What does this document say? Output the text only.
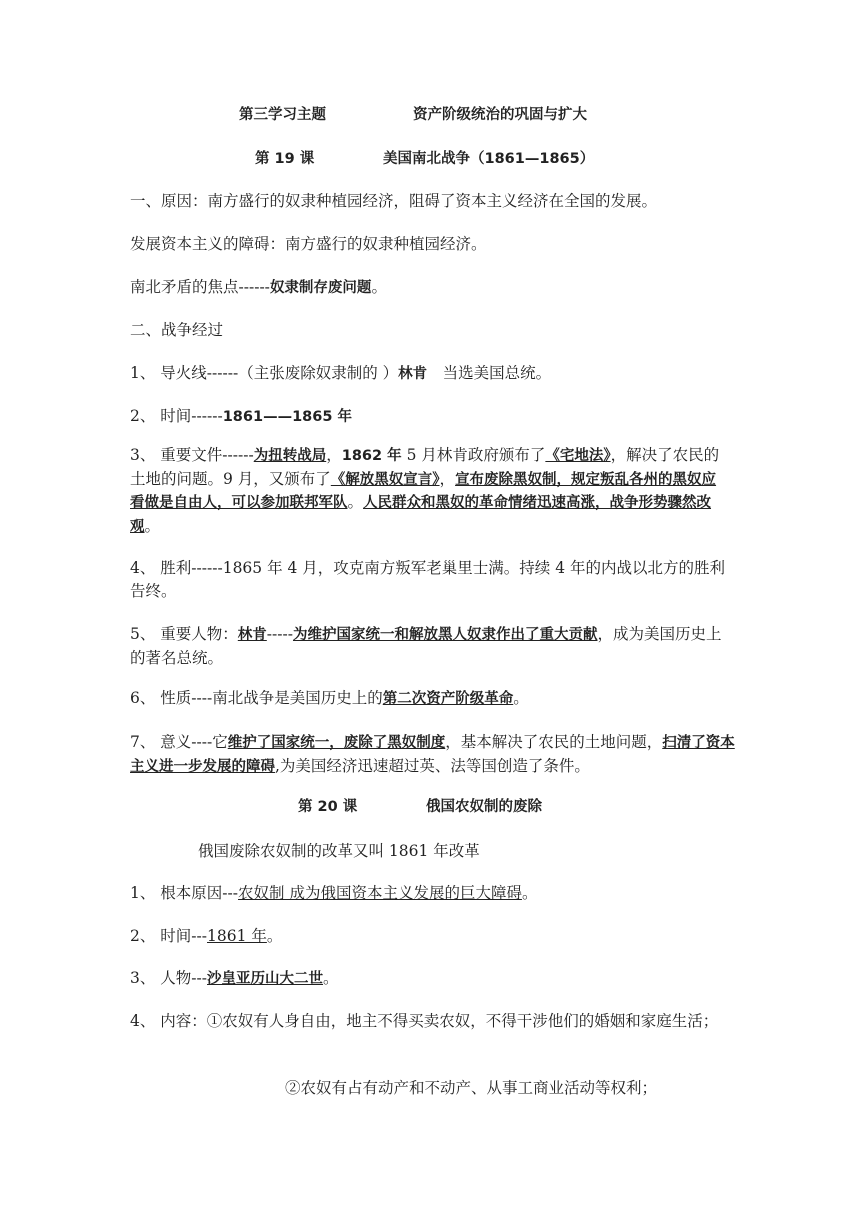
第三学习主题	资产阶级统治的巩固与扩大
第 19 课	美国南北战争（1861—1865）
一、原因：南方盛行的奴隶种植园经济，阻碍了资本主义经济在全国的发展。
发展资本主义的障碍：南方盛行的奴隶种植园经济。
南北矛盾的焦点------奴隶制存废问题。
二、战争经过
1、 导火线------（主张废除奴隶制的 ）林肯　当选美国总统。
2、 时间------1861——1865 年
3、 重要文件------为扭转战局，1862 年 5 月林肯政府颁布了《宅地法》，解决了农民的土地的问题。9 月，又颁布了《解放黑奴宣言》，宣布废除黑奴制，规定叛乱各州的黑奴应看做是自由人，可以参加联邦军队。人民群众和黑奴的革命情绪迅速高涨，战争形势骤然改观。
4、 胜利------1865 年 4 月，攻克南方叛军老巢里士满。持续 4 年的内战以北方的胜利告终。
5、 重要人物：林肯-----为维护国家统一和解放黑人奴隶作出了重大贡献，成为美国历史上的著名总统。
6、 性质----南北战争是美国历史上的第二次资产阶级革命。
7、 意义----它维护了国家统一，废除了黑奴制度，基本解决了农民的土地问题，扫清了资本主义进一步发展的障碍,为美国经济迅速超过英、法等国创造了条件。
第 20 课	俄国农奴制的废除
俄国废除农奴制的改革又叫 1861 年改革
1、 根本原因---农奴制 成为俄国资本主义发展的巨大障碍。
2、 时间---1861 年。
3、 人物---沙皇亚历山大二世。
4、 内容：①农奴有人身自由，地主不得买卖农奴，不得干涉他们的婚姻和家庭生活；
②农奴有占有动产和不动产、从事工商业活动等权利；
